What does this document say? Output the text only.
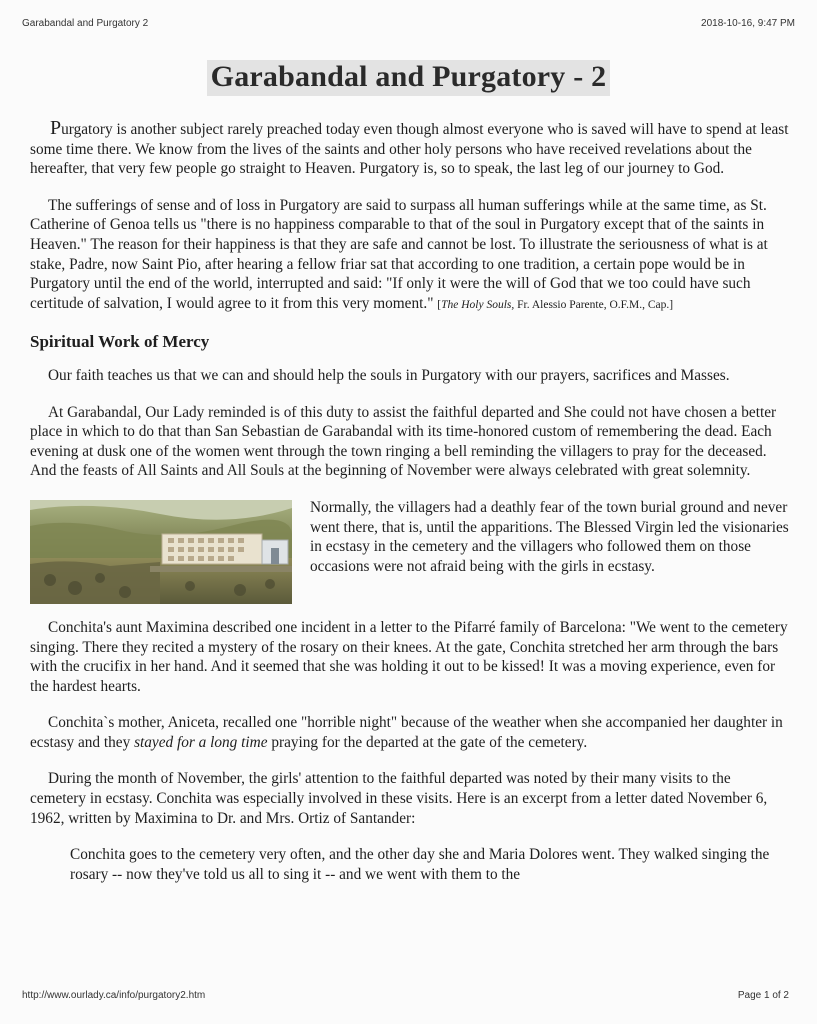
Garabandal and Purgatory 2	2018-10-16, 9:47 PM
Garabandal and Purgatory - 2

Purgatory is another subject rarely preached today even though almost everyone who is saved will have to spend at least some time there. We know from the lives of the saints and other holy persons who have received revelations about the hereafter, that very few people go straight to Heaven. Purgatory is, so to speak, the last leg of our journey to God.

The sufferings of sense and of loss in Purgatory are said to surpass all human sufferings while at the same time, as St. Catherine of Genoa tells us "there is no happiness comparable to that of the soul in Purgatory except that of the saints in Heaven." The reason for their happiness is that they are safe and cannot be lost. To illustrate the seriousness of what is at stake, Padre, now Saint Pio, after hearing a fellow friar sat that according to one tradition, a certain pope would be in Purgatory until the end of the world, interrupted and said: "If only it were the will of God that we too could have such certitude of salvation, I would agree to it from this very moment." [The Holy Souls, Fr. Alessio Parente, O.F.M., Cap.]

Spiritual Work of Mercy

Our faith teaches us that we can and should help the souls in Purgatory with our prayers, sacrifices and Masses.

At Garabandal, Our Lady reminded is of this duty to assist the faithful departed and She could not have chosen a better place in which to do that than San Sebastian de Garabandal with its time-honored custom of remembering the dead. Each evening at dusk one of the women went through the town ringing a bell reminding the villagers to pray for the deceased. And the feasts of All Saints and All Souls at the beginning of November were always celebrated with great solemnity.

Normally, the villagers had a deathly fear of the town burial ground and never went there, that is, until the apparitions. The Blessed Virgin led the visionaries in ecstasy in the cemetery and the villagers who followed them on those occasions were not afraid being with the girls in ecstasy.

Conchita's aunt Maximina described one incident in a letter to the Pifarré family of Barcelona: "We went to the cemetery singing. There they recited a mystery of the rosary on their knees. At the gate, Conchita stretched her arm through the bars with the crucifix in her hand. And it seemed that she was holding it out to be kissed! It was a moving experience, even for the hardest hearts.

Conchita`s mother, Aniceta, recalled one "horrible night" because of the weather when she accompanied her daughter in ecstasy and they stayed for a long time praying for the departed at the gate of the cemetery.

During the month of November, the girls' attention to the faithful departed was noted by their many visits to the cemetery in ecstasy. Conchita was especially involved in these visits. Here is an excerpt from a letter dated November 6, 1962, written by Maximina to Dr. and Mrs. Ortiz of Santander:

Conchita goes to the cemetery very often, and the other day she and Maria Dolores went. They walked singing the rosary -- now they've told us all to sing it -- and we went with them to the

http://www.ourlady.ca/info/purgatory2.htm	Page 1 of 2
